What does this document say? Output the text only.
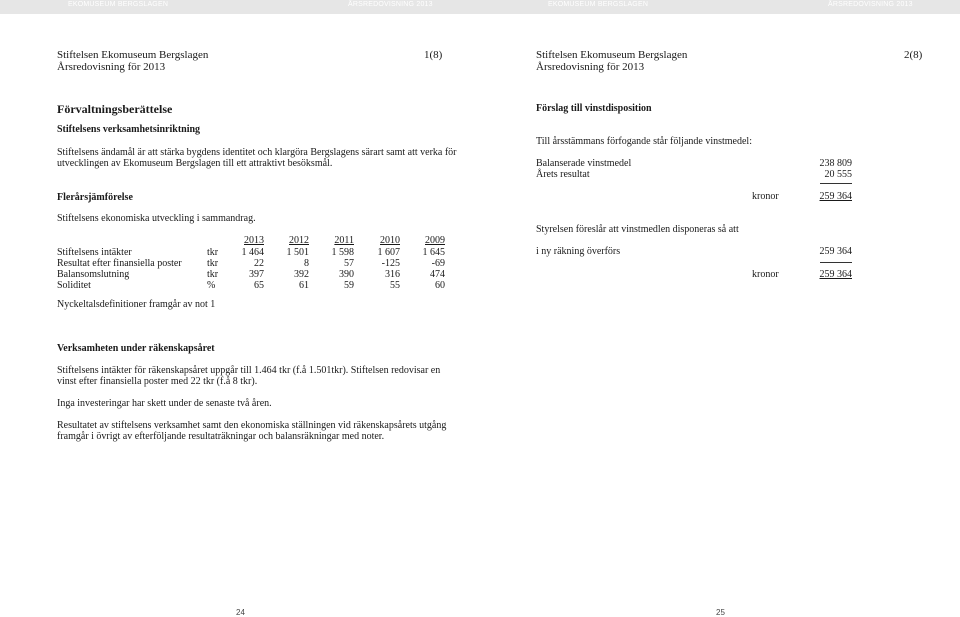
EKOMUSEUM BERGSLAGEN	ÅRSREDOVISNING 2013	EKOMUSEUM BERGSLAGEN	ÅRSREDOVISNING 2013
Stiftelsen Ekomuseum Bergslagen
Årsredovisning för 2013
1(8)
Förvaltningsberättelse
Stiftelsens verksamhetsinriktning
Stiftelsens ändamål är att stärka bygdens identitet och klargöra Bergslagens särart samt att verka för
utvecklingen av Ekomuseum Bergslagen till ett attraktivt besöksmål.
Flerårsjämförelse
Stiftelsens ekonomiska utveckling i sammandrag.
2013	2012	2011	2010	2009
Stiftelsens intäkter	tkr	1 464	1 501	1 598	1 607	1 645
Resultat efter finansiella poster	tkr	22	8	57	-125	-69
Balansomslutning	tkr	397	392	390	316	474
Soliditet	%	65	61	59	55	60
Nyckeltalsdefinitioner framgår av not 1
Verksamheten under räkenskapsåret
Stiftelsens intäkter för räkenskapsåret uppgår till 1.464 tkr (f.å 1.501tkr). Stiftelsen redovisar en
vinst efter finansiella poster med 22 tkr (f.å 8 tkr).
Inga investeringar har skett under de senaste två åren.
Resultatet av stiftelsens verksamhet samt den ekonomiska ställningen vid räkenskapsårets utgång
framgår i övrigt av efterföljande resultaträkningar och balansräkningar med noter.
24
Stiftelsen Ekomuseum Bergslagen
Årsredovisning för 2013
2(8)
Förslag till vinstdisposition
Till årsstämmans förfogande står följande vinstmedel:
Balanserade vinstmedel	238 809
Årets resultat	20 555
kronor	259 364
Styrelsen föreslår att vinstmedlen disponeras så att
i ny räkning överförs	259 364
kronor	259 364
25
